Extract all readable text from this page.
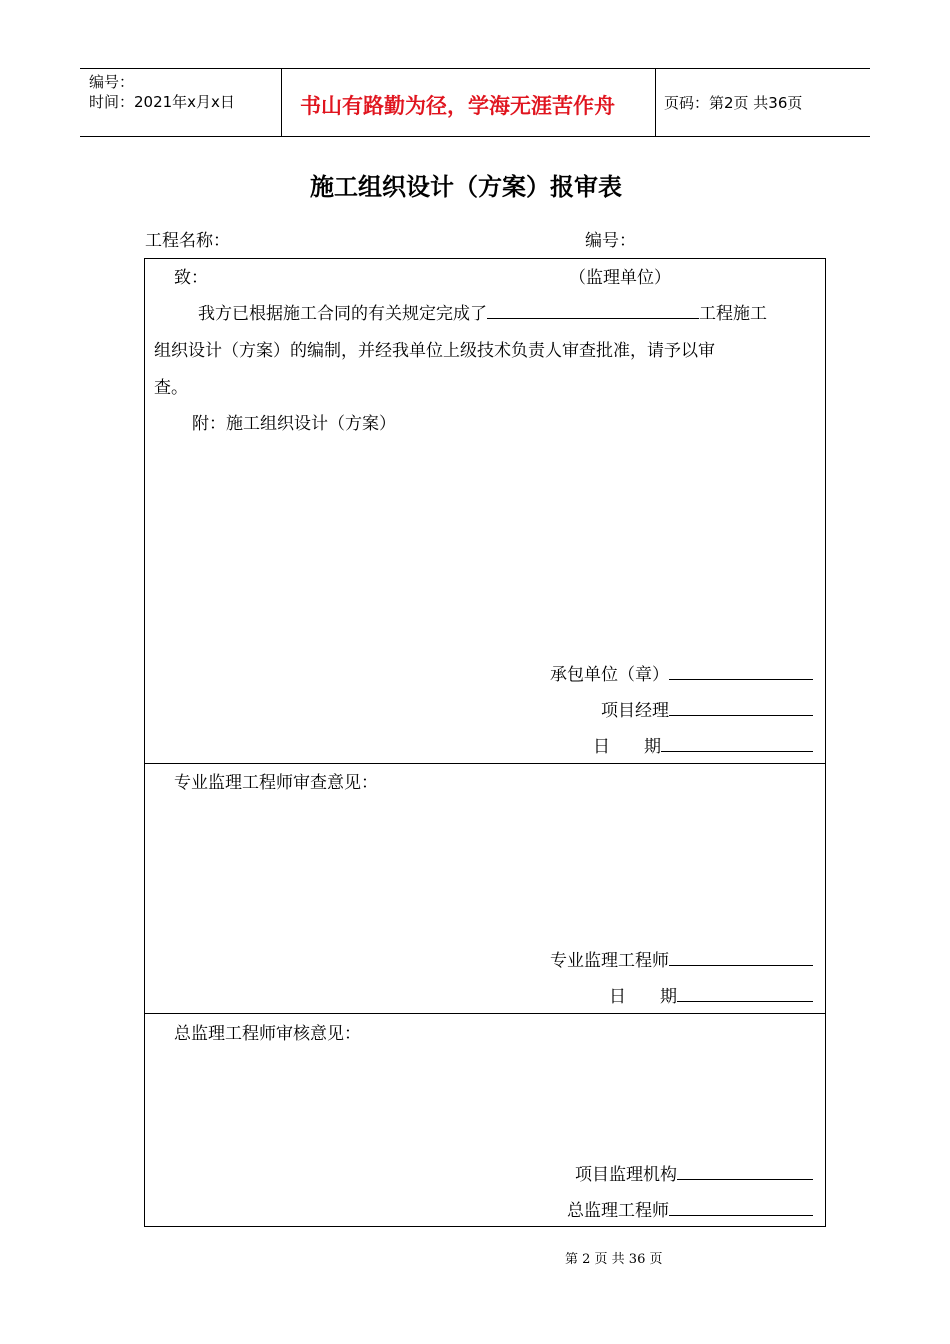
编号：
时间：2021年x月x日	书山有路勤为径，学海无涯苦作舟	页码：第2页 共36页
施工组织设计（方案）报审表
工程名称：	编号：
致：	（监理单位）
我方已根据施工合同的有关规定完成了	工程施工
组织设计（方案）的编制，并经我单位上级技术负责人审查批准，请予以审
查。
附：施工组织设计（方案）
承包单位（章）
项目经理
日　　期
专业监理工程师审查意见：
专业监理工程师
日　　期
总监理工程师审核意见：
项目监理机构
总监理工程师
第 2 页 共 36 页
